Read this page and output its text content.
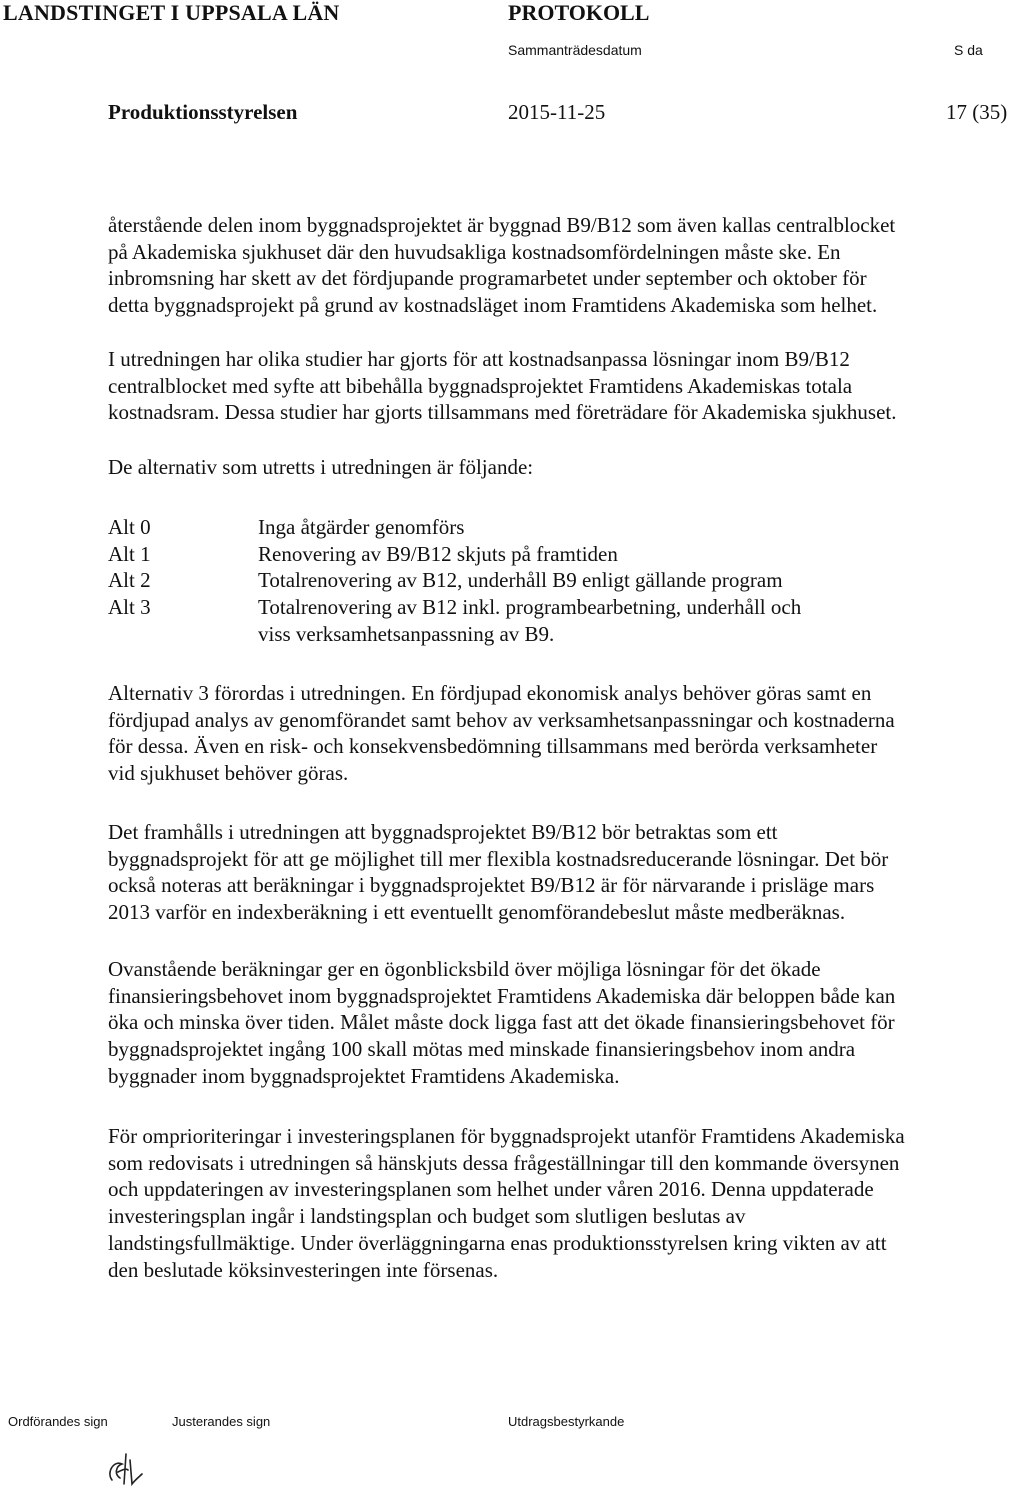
LANDSTINGET I UPPSALA LÄN	PROTOKOLL
Sammanträdesdatum	S da
Produktionsstyrelsen	2015-11-25	17 (35)

återstående delen inom byggnadsprojektet är byggnad B9/B12 som även kallas centralblocket
på Akademiska sjukhuset där den huvudsakliga kostnadsomfördelningen måste ske. En
inbromsning har skett av det fördjupande programarbetet under september och oktober för
detta byggnadsprojekt på grund av kostnadsläget inom Framtidens Akademiska som helhet.

I utredningen har olika studier har gjorts för att kostnadsanpassa lösningar inom B9/B12
centralblocket med syfte att bibehålla byggnadsprojektet Framtidens Akademiskas totala
kostnadsram. Dessa studier har gjorts tillsammans med företrädare för Akademiska sjukhuset.

De alternativ som utretts i utredningen är följande:

Alt 0	Inga åtgärder genomförs
Alt 1	Renovering av B9/B12 skjuts på framtiden
Alt 2	Totalrenovering av B12, underhåll B9 enligt gällande program
Alt 3	Totalrenovering av B12 inkl. programbearbetning, underhåll och
viss verksamhetsanpassning av B9.

Alternativ 3 förordas i utredningen. En fördjupad ekonomisk analys behöver göras samt en
fördjupad analys av genomförandet samt behov av verksamhetsanpassningar och kostnaderna
för dessa. Även en risk- och konsekvensbedömning tillsammans med berörda verksamheter
vid sjukhuset behöver göras.

Det framhålls i utredningen att byggnadsprojektet B9/B12 bör betraktas som ett
byggnadsprojekt för att ge möjlighet till mer flexibla kostnadsreducerande lösningar. Det bör
också noteras att beräkningar i byggnadsprojektet B9/B12 är för närvarande i prisläge mars
2013 varför en indexberäkning i ett eventuellt genomförandebeslut måste medberäknas.

Ovanstående beräkningar ger en ögonblicksbild över möjliga lösningar för det ökade
finansieringsbehovet inom byggnadsprojektet Framtidens Akademiska där beloppen både kan
öka och minska över tiden. Målet måste dock ligga fast att det ökade finansieringsbehovet för
byggnadsprojektet ingång 100 skall mötas med minskade finansieringsbehov inom andra
byggnader inom byggnadsprojektet Framtidens Akademiska.

För omprioriteringar i investeringsplanen för byggnadsprojekt utanför Framtidens Akademiska
som redovisats i utredningen så hänskjuts dessa frågeställningar till den kommande översynen
och uppdateringen av investeringsplanen som helhet under våren 2016. Denna uppdaterade
investeringsplan ingår i landstingsplan och budget som slutligen beslutas av
landstingsfullmäktige. Under överläggningarna enas produktionsstyrelsen kring vikten av att
den beslutade köksinvesteringen inte försenas.

Ordförandes sign	Justerandes sign	Utdragsbestyrkande
